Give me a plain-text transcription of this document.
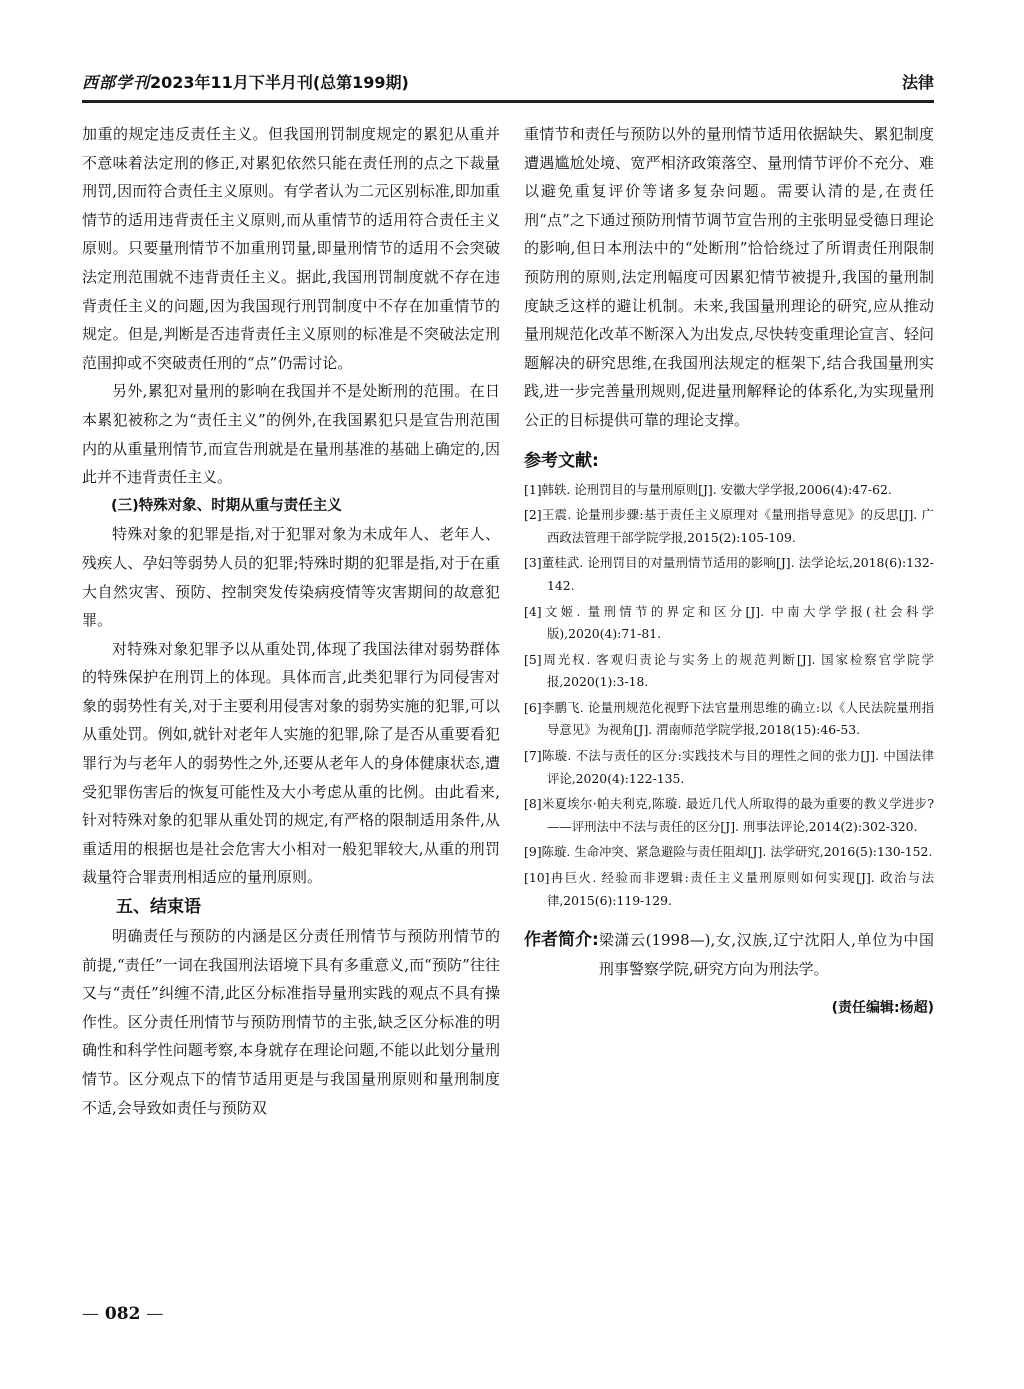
西部学刊2023年11月下半月刊(总第199期)	法律

加重的规定违反责任主义。但我国刑罚制度规定的累犯从重并不意味着法定刑的修正,对累犯依然只能在责任刑的点之下裁量刑罚,因而符合责任主义原则。有学者认为二元区别标准,即加重情节的适用违背责任主义原则,而从重情节的适用符合责任主义原则。只要量刑情节不加重刑罚量,即量刑情节的适用不会突破法定刑范围就不违背责任主义。据此,我国刑罚制度就不存在违背责任主义的问题,因为我国现行刑罚制度中不存在加重情节的规定。但是,判断是否违背责任主义原则的标准是不突破法定刑范围抑或不突破责任刑的“点”仍需讨论。

另外,累犯对量刑的影响在我国并不是处断刑的范围。在日本累犯被称之为“责任主义”的例外,在我国累犯只是宣告刑范围内的从重量刑情节,而宣告刑就是在量刑基准的基础上确定的,因此并不违背责任主义。

(三)特殊对象、时期从重与责任主义

特殊对象的犯罪是指,对于犯罪对象为未成年人、老年人、残疾人、孕妇等弱势人员的犯罪;特殊时期的犯罪是指,对于在重大自然灾害、预防、控制突发传染病疫情等灾害期间的故意犯罪。

对特殊对象犯罪予以从重处罚,体现了我国法律对弱势群体的特殊保护在刑罚上的体现。具体而言,此类犯罪行为同侵害对象的弱势性有关,对于主要利用侵害对象的弱势实施的犯罪,可以从重处罚。例如,就针对老年人实施的犯罪,除了是否从重要看犯罪行为与老年人的弱势性之外,还要从老年人的身体健康状态,遭受犯罪伤害后的恢复可能性及大小考虑从重的比例。由此看来,针对特殊对象的犯罪从重处罚的规定,有严格的限制适用条件,从重适用的根据也是社会危害大小相对一般犯罪较大,从重的刑罚裁量符合罪责刑相适应的量刑原则。

五、结束语

明确责任与预防的内涵是区分责任刑情节与预防刑情节的前提,“责任”一词在我国刑法语境下具有多重意义,而“预防”往往又与“责任”纠缠不清,此区分标准指导量刑实践的观点不具有操作性。区分责任刑情节与预防刑情节的主张,缺乏区分标准的明确性和科学性问题考察,本身就存在理论问题,不能以此划分量刑情节。区分观点下的情节适用更是与我国量刑原则和量刑制度不适,会导致如责任与预防双

重情节和责任与预防以外的量刑情节适用依据缺失、累犯制度遭遇尴尬处境、宽严相济政策落空、量刑情节评价不充分、难以避免重复评价等诸多复杂问题。需要认清的是,在责任刑“点”之下通过预防刑情节调节宣告刑的主张明显受德日理论的影响,但日本刑法中的“处断刑”恰恰绕过了所谓责任刑限制预防刑的原则,法定刑幅度可因累犯情节被提升,我国的量刑制度缺乏这样的避让机制。未来,我国量刑理论的研究,应从推动量刑规范化改革不断深入为出发点,尽快转变重理论宣言、轻问题解决的研究思维,在我国刑法规定的框架下,结合我国量刑实践,进一步完善量刑规则,促进量刑解释论的体系化,为实现量刑公正的目标提供可靠的理论支撑。

参考文献:
[1]韩轶. 论刑罚目的与量刑原则[J]. 安徽大学学报,2006(4):47-62.
[2]王震. 论量刑步骤:基于责任主义原理对《量刑指导意见》的反思[J]. 广西政法管理干部学院学报,2015(2):105-109.
[3]董桂武. 论刑罚目的对量刑情节适用的影响[J]. 法学论坛,2018(6):132-142.
[4]文姬. 量刑情节的界定和区分[J]. 中南大学学报(社会科学版),2020(4):71-81.
[5]周光权. 客观归责论与实务上的规范判断[J]. 国家检察官学院学报,2020(1):3-18.
[6]李鹏飞. 论量刑规范化视野下法官量刑思维的确立:以《人民法院量刑指导意见》为视角[J]. 渭南师范学院学报,2018(15):46-53.
[7]陈璇. 不法与责任的区分:实践技术与目的理性之间的张力[J]. 中国法律评论,2020(4):122-135.
[8]米夏埃尔·帕夫利克,陈璇. 最近几代人所取得的最为重要的教义学进步?——评刑法中不法与责任的区分[J]. 刑事法评论,2014(2):302-320.
[9]陈璇. 生命冲突、紧急避险与责任阻却[J]. 法学研究,2016(5):130-152.
[10]冉巨火. 经验而非逻辑:责任主义量刑原则如何实现[J]. 政治与法律,2015(6):119-129.
作者简介: 梁潇云(1998—),女,汉族,辽宁沈阳人,单位为中国刑事警察学院,研究方向为刑法学。
(责任编辑:杨超)
— 082 —
